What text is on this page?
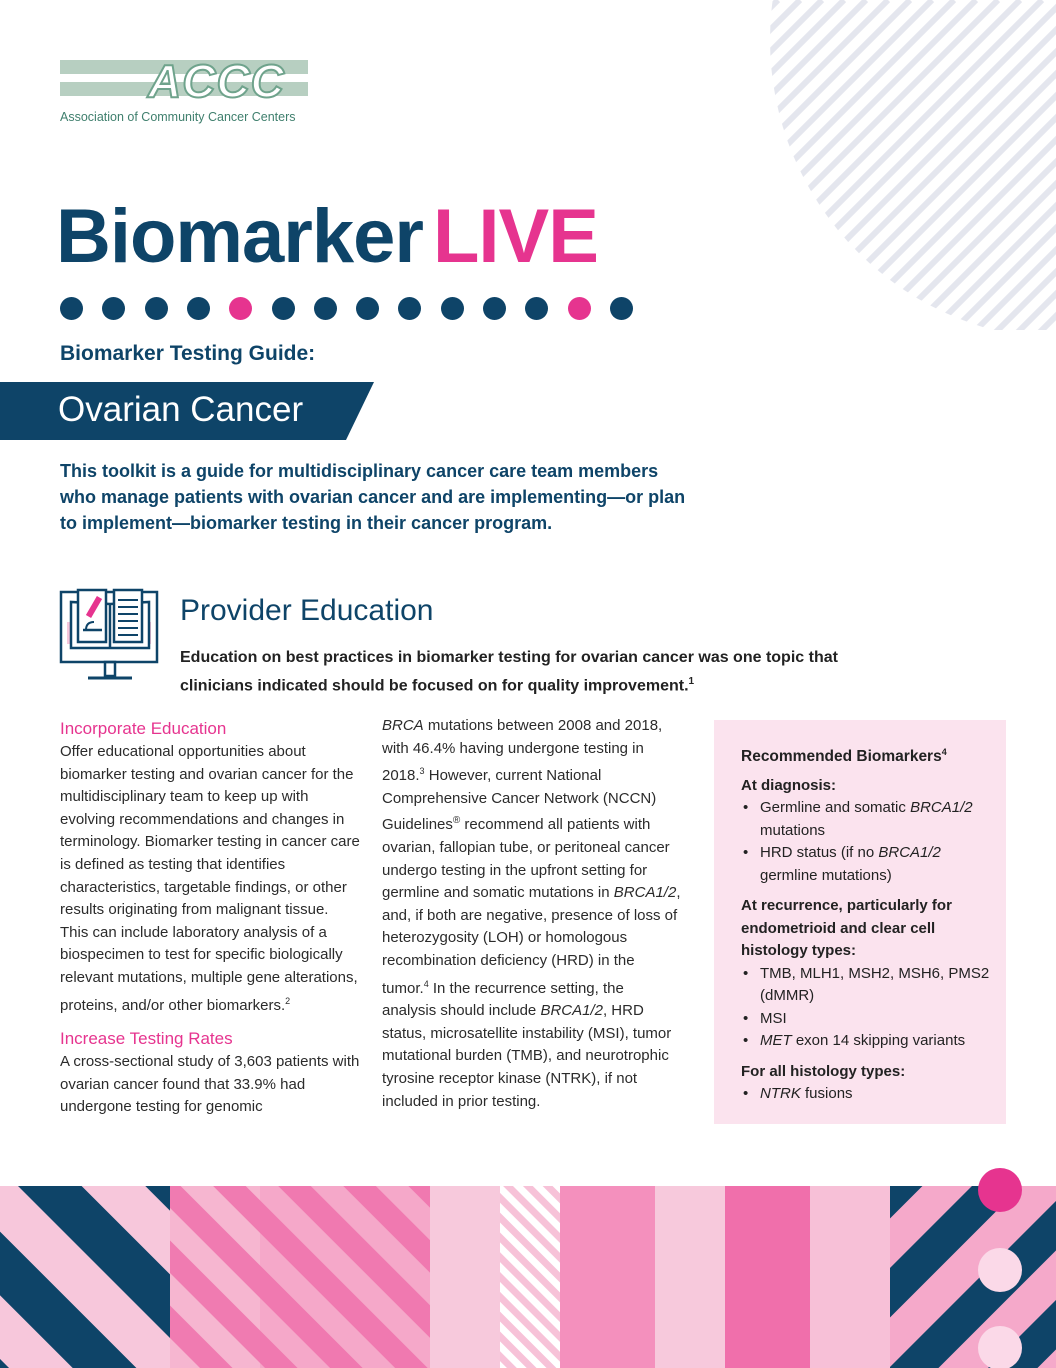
ACCC
Association of Community Cancer Centers
Biomarker LIVE
Biomarker Testing Guide:
Ovarian Cancer
This toolkit is a guide for multidisciplinary cancer care team members who manage patients with ovarian cancer and are implementing—or plan to implement—biomarker testing in their cancer program.
Provider Education
Education on best practices in biomarker testing for ovarian cancer was one topic that clinicians indicated should be focused on for quality improvement.$^1$
Incorporate Education

Offer educational opportunities about biomarker testing and ovarian cancer for the multidisciplinary team to keep up with evolving recommendations and changes in terminology. Biomarker testing in cancer care is defined as testing that identifies characteristics, targetable findings, or other results originating from malignant tissue. This can include laboratory analysis of a biospecimen to test for specific biologically relevant mutations, multiple gene alterations, proteins, and/or other biomarkers.$^2$

Increase Testing Rates

A cross-sectional study of 3,603 patients with ovarian cancer found that 33.9% had undergone testing for genomic

BRCA mutations between 2008 and 2018, with 46.4% having undergone testing in 2018.$^3$ However, current National Comprehensive Cancer Network (NCCN) Guidelines® recommend all patients with ovarian, fallopian tube, or peritoneal cancer undergo testing in the upfront setting for germline and somatic mutations in BRCA1/2, and, if both are negative, presence of loss of heterozygosity (LOH) or homologous recombination deficiency (HRD) in the tumor.$^4$ In the recurrence setting, the analysis should include BRCA1/2, HRD status, microsatellite instability (MSI), tumor mutational burden (TMB), and neurotrophic tyrosine receptor kinase (NTRK), if not included in prior testing.

Recommended Biomarkers$^4$
At diagnosis:
• Germline and somatic BRCA1/2 mutations
• HRD status (if no BRCA1/2 germline mutations)
At recurrence, particularly for endometrioid and clear cell histology types:
• TMB, MLH1, MSH2, MSH6, PMS2 (dMMR)
• MSI
• MET exon 14 skipping variants
For all histology types:
• NTRK fusions
